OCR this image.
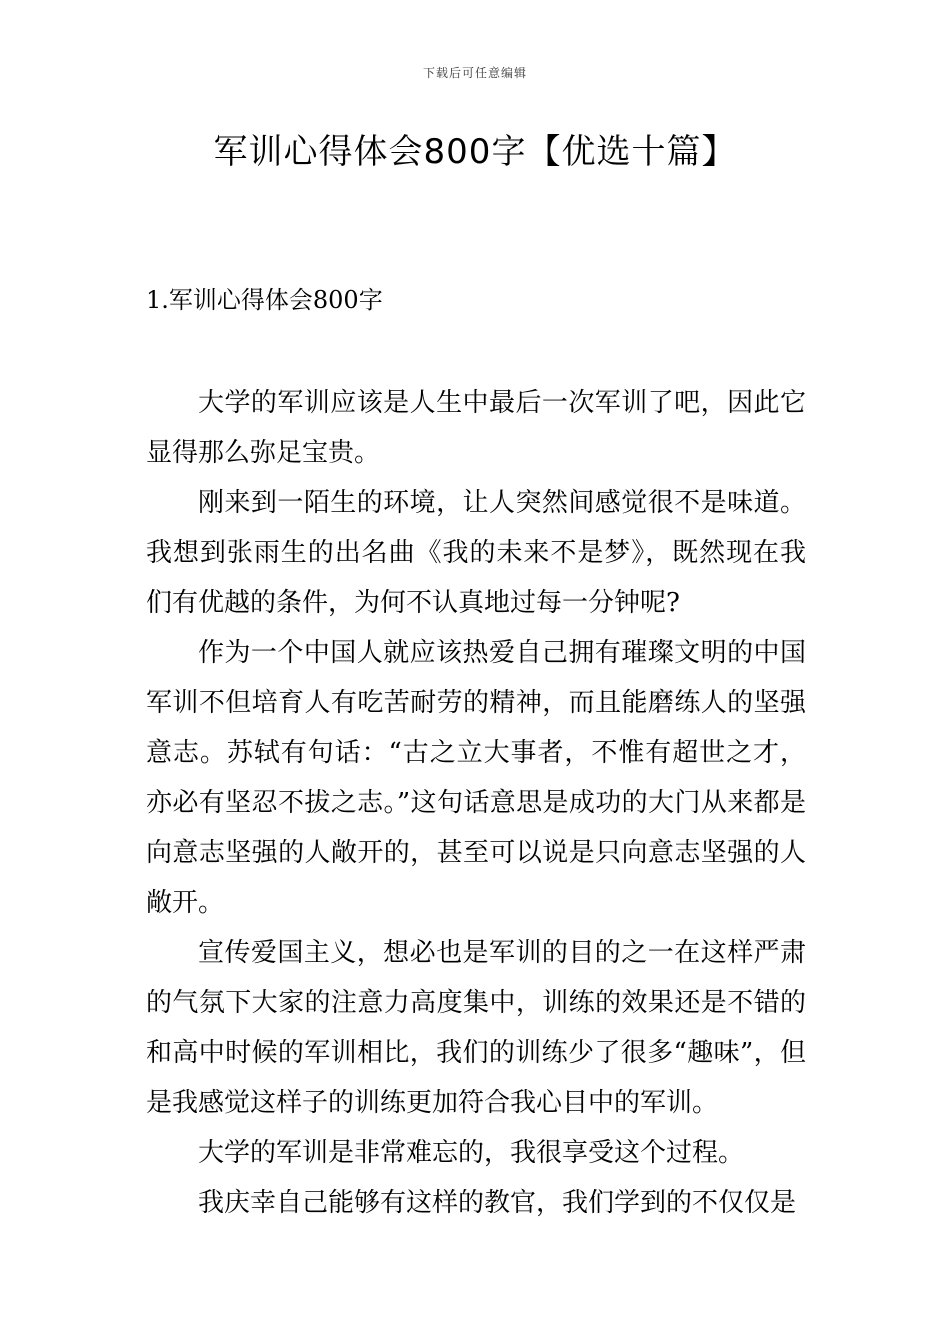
下载后可任意编辑
军训心得体会800字【优选十篇】
1.军训心得体会800字

大学的军训应该是人生中最后一次军训了吧，因此它显得那么弥足宝贵。

刚来到一陌生的环境，让人突然间感觉很不是味道。我想到张雨生的出名曲《我的未来不是梦》，既然现在我们有优越的条件，为何不认真地过每一分钟呢?

作为一个中国人就应该热爱自己拥有璀璨文明的中国军训不但培育人有吃苦耐劳的精神，而且能磨练人的坚强意志。苏轼有句话：“古之立大事者，不惟有超世之才，亦必有坚忍不拔之志。”这句话意思是成功的大门从来都是向意志坚强的人敞开的，甚至可以说是只向意志坚强的人敞开。

宣传爱国主义，想必也是军训的目的之一在这样严肃的气氛下大家的注意力高度集中，训练的效果还是不错的和高中时候的军训相比，我们的训练少了很多“趣味”，但是我感觉这样子的训练更加符合我心目中的军训。

大学的军训是非常难忘的，我很享受这个过程。

我庆幸自己能够有这样的教官，我们学到的不仅仅是
